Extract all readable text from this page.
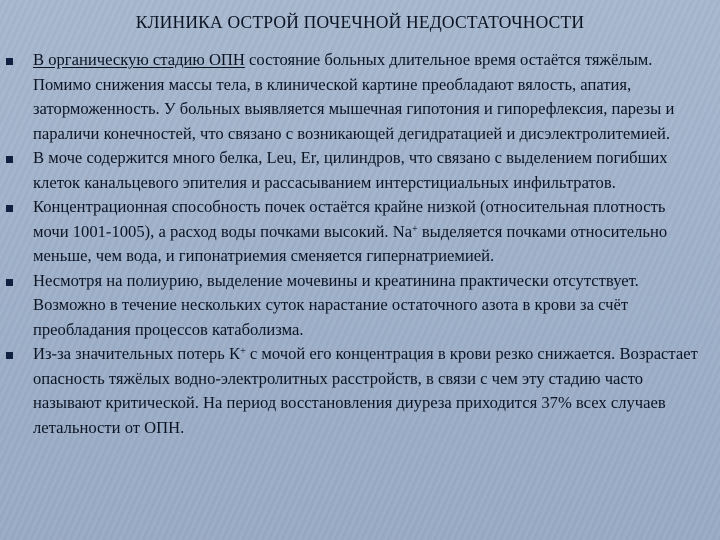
КЛИНИКА ОСТРОЙ ПОЧЕЧНОЙ НЕДОСТАТОЧНОСТИ
В органическую стадию ОПН состояние больных длительное время остаётся тяжёлым. Помимо снижения массы тела, в клинической картине преобладают вялость, апатия, заторможенность. У больных выявляется мышечная гипотония и гипорефлексия, парезы и параличи конечностей, что связано с возникающей дегидратацией и дисэлектролитемией.
В моче содержится много белка, Lеu, Er, цилиндров, что связано с выделением погибших клеток канальцевого эпителия и рассасыванием интерстициальных инфильтратов.
Концентрационная способность почек остаётся крайне низкой (относительная плотность мочи 1001-1005), а расход воды почками высокий. Na+ выделяется почками относительно меньше, чем вода, и гипонатриемия сменяется гипернатриемией.
Несмотря на полиурию, выделение мочевины и креатинина практически отсутствует. Возможно в течение нескольких суток нарастание остаточного азота в крови за счёт преобладания процессов катаболизма.
Из-за значительных потерь К+ с мочой его концентрация в крови резко снижается. Возрастает опасность тяжёлых водно-электролитных расстройств, в связи с чем эту стадию часто называют критической. На период восстановления диуреза приходится 37% всех случаев летальности от ОПН.
